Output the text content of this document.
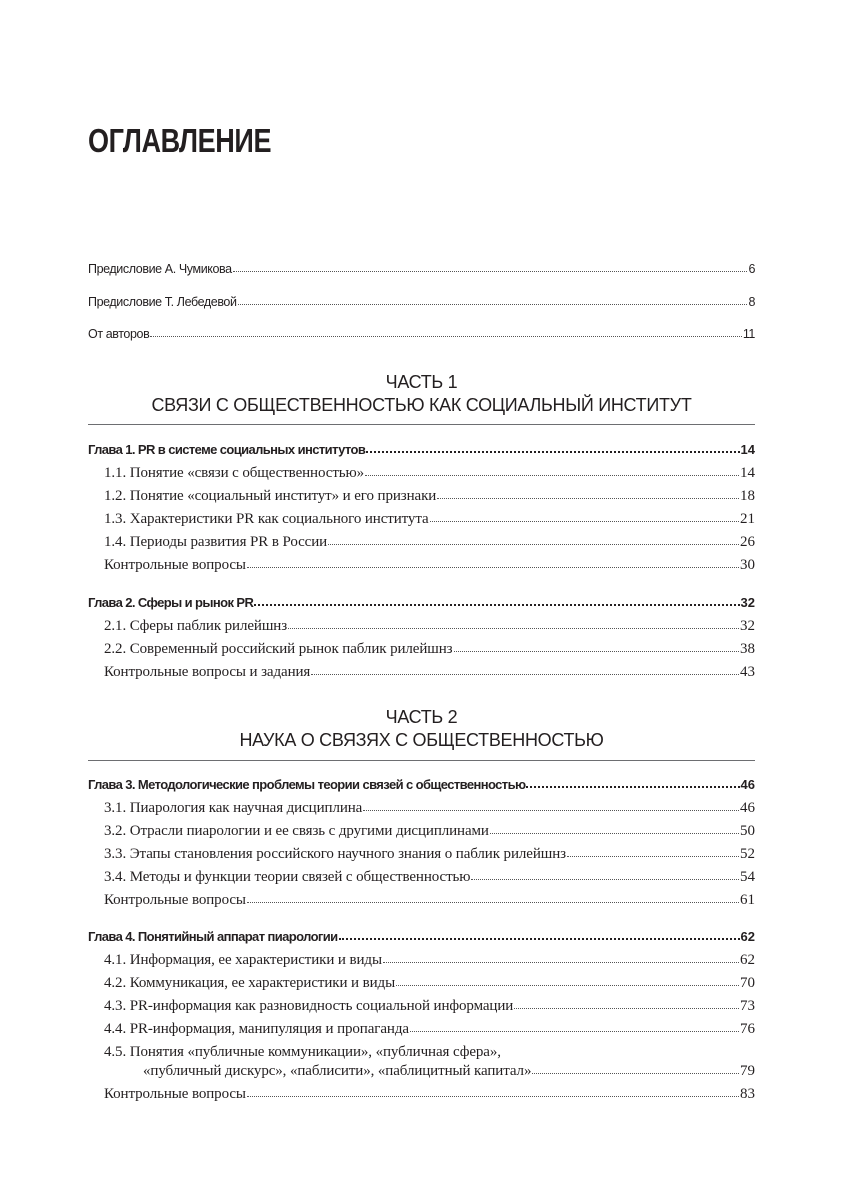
ОГЛАВЛЕНИЕ
Предисловие А. Чумикова	6
Предисловие Т. Лебедевой	8
От авторов	11
ЧАСТЬ 1
СВЯЗИ С ОБЩЕСТВЕННОСТЬЮ КАК СОЦИАЛЬНЫЙ ИНСТИТУТ
Глава 1. PR в системе социальных институтов	14
1.1. Понятие «связи с общественностью»	14
1.2. Понятие «социальный институт» и его признаки	18
1.3. Характеристики PR как социального института	21
1.4. Периоды развития PR в России	26
Контрольные вопросы	30
Глава 2. Сферы и рынок PR	32
2.1. Сферы паблик рилейшнз	32
2.2. Современный российский рынок паблик рилейшнз	38
Контрольные вопросы и задания	43
ЧАСТЬ 2
НАУКА О СВЯЗЯХ С ОБЩЕСТВЕННОСТЬЮ
Глава 3. Методологические проблемы теории связей с общественностью	46
3.1. Пиарология как научная дисциплина	46
3.2. Отрасли пиарологии и ее связь с другими дисциплинами	50
3.3. Этапы становления российского научного знания о паблик рилейшнз	52
3.4. Методы и функции теории связей с общественностью	54
Контрольные вопросы	61
Глава 4. Понятийный аппарат пиарологии	62
4.1. Информация, ее характеристики и виды	62
4.2. Коммуникация, ее характеристики и виды	70
4.3. PR-информация как разновидность социальной информации	73
4.4. PR-информация, манипуляция и пропаганда	76
4.5. Понятия «публичные коммуникации», «публичная сфера»,
«публичный дискурс», «паблисити», «паблицитный капитал»	79
Контрольные вопросы	83
